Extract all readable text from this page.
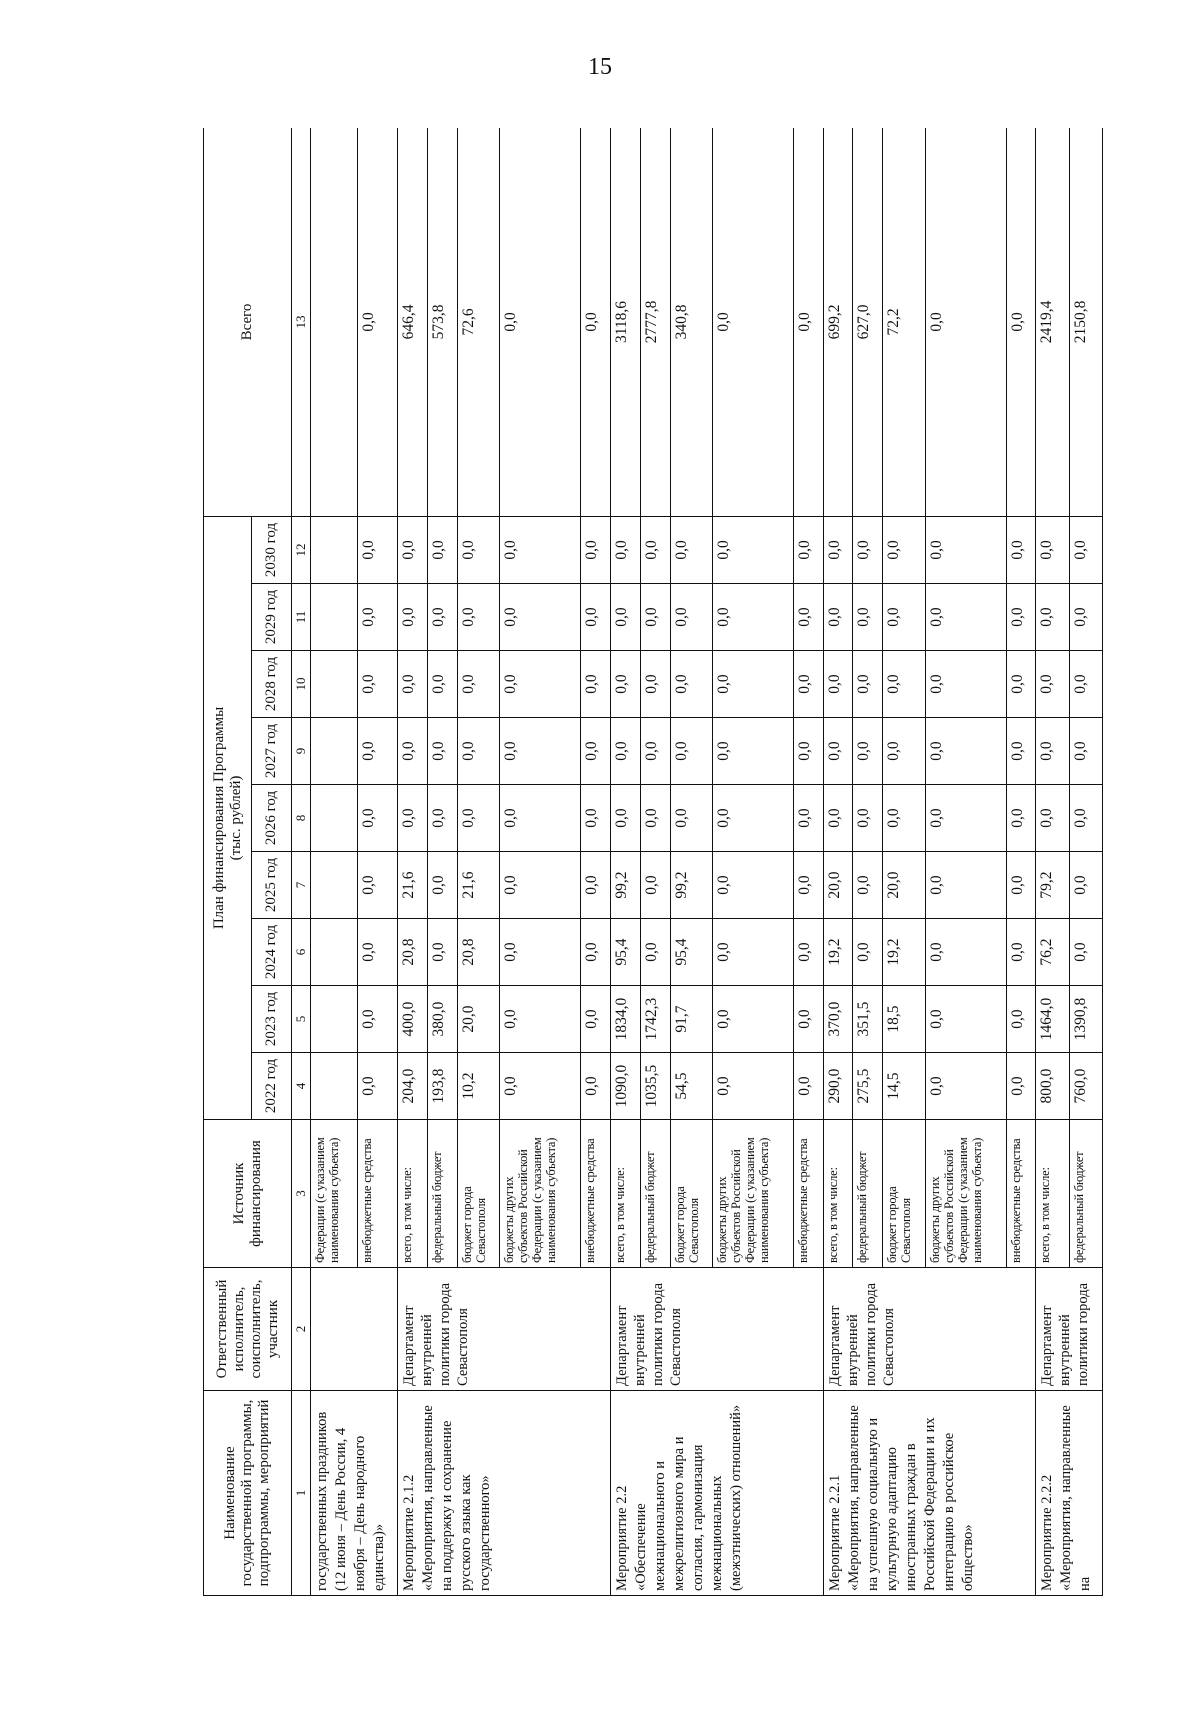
15
Наименование государственной программы, подпрограммы, мероприятий	Ответственный исполнитель, соисполнитель, участник	Источник финансирования	План финансирования Программы
(тыс. рублей)									Всего
			2022 год	2023 год	2024 год	2025 год	2026 год	2027 год	2028 год	2029 год	2030 год	
1	2	3	4	5	6	7	8	9	10	11	12	13
государственных праздников (12 июня – День России, 4 ноября – День народного единства)»		Федерации (с указанием наименования субъекта)										
		внебюджетные средства	0,0	0,0	0,0	0,0	0,0	0,0	0,0	0,0	0,0	0,0
Мероприятие 2.1.2 «Мероприятия, направленные на поддержку и сохранение русского языка как государственного»	Департамент внутренней политики города Севастополя	всего, в том числе:	204,0	400,0	20,8	21,6	0,0	0,0	0,0	0,0	0,0	646,4
		федеральный бюджет	193,8	380,0	0,0	0,0	0,0	0,0	0,0	0,0	0,0	573,8
		бюджет города Севастополя	10,2	20,0	20,8	21,6	0,0	0,0	0,0	0,0	0,0	72,6
		бюджеты других субъектов Российской Федерации (с указанием наименования субъекта)	0,0	0,0	0,0	0,0	0,0	0,0	0,0	0,0	0,0	0,0
		внебюджетные средства	0,0	0,0	0,0	0,0	0,0	0,0	0,0	0,0	0,0	0,0
Мероприятие 2.2 «Обеспечение межнационального и межрелигиозного мира и согласия, гармонизация межнациональных (межэтнических) отношений»	Департамент внутренней политики города Севастополя	всего, в том числе:	1090,0	1834,0	95,4	99,2	0,0	0,0	0,0	0,0	0,0	3118,6
		федеральный бюджет	1035,5	1742,3	0,0	0,0	0,0	0,0	0,0	0,0	0,0	2777,8
		бюджет города Севастополя	54,5	91,7	95,4	99,2	0,0	0,0	0,0	0,0	0,0	340,8
		бюджеты других субъектов Российской Федерации (с указанием наименования субъекта)	0,0	0,0	0,0	0,0	0,0	0,0	0,0	0,0	0,0	0,0
		внебюджетные средства	0,0	0,0	0,0	0,0	0,0	0,0	0,0	0,0	0,0	0,0
Мероприятие 2.2.1 «Мероприятия, направленные на успешную социальную и культурную адаптацию иностранных граждан в Российской Федерации и их интеграцию в российское общество»	Департамент внутренней политики города Севастополя	всего, в том числе:	290,0	370,0	19,2	20,0	0,0	0,0	0,0	0,0	0,0	699,2
		федеральный бюджет	275,5	351,5	0,0	0,0	0,0	0,0	0,0	0,0	0,0	627,0
		бюджет города Севастополя	14,5	18,5	19,2	20,0	0,0	0,0	0,0	0,0	0,0	72,2
		бюджеты других субъектов Российской Федерации (с указанием наименования субъекта)	0,0	0,0	0,0	0,0	0,0	0,0	0,0	0,0	0,0	0,0
		внебюджетные средства	0,0	0,0	0,0	0,0	0,0	0,0	0,0	0,0	0,0	0,0
Мероприятие 2.2.2 «Мероприятия, направленные на	Департамент внутренней политики города	всего, в том числе:	800,0	1464,0	76,2	79,2	0,0	0,0	0,0	0,0	0,0	2419,4
		федеральный бюджет	760,0	1390,8	0,0	0,0	0,0	0,0	0,0	0,0	0,0	2150,8
